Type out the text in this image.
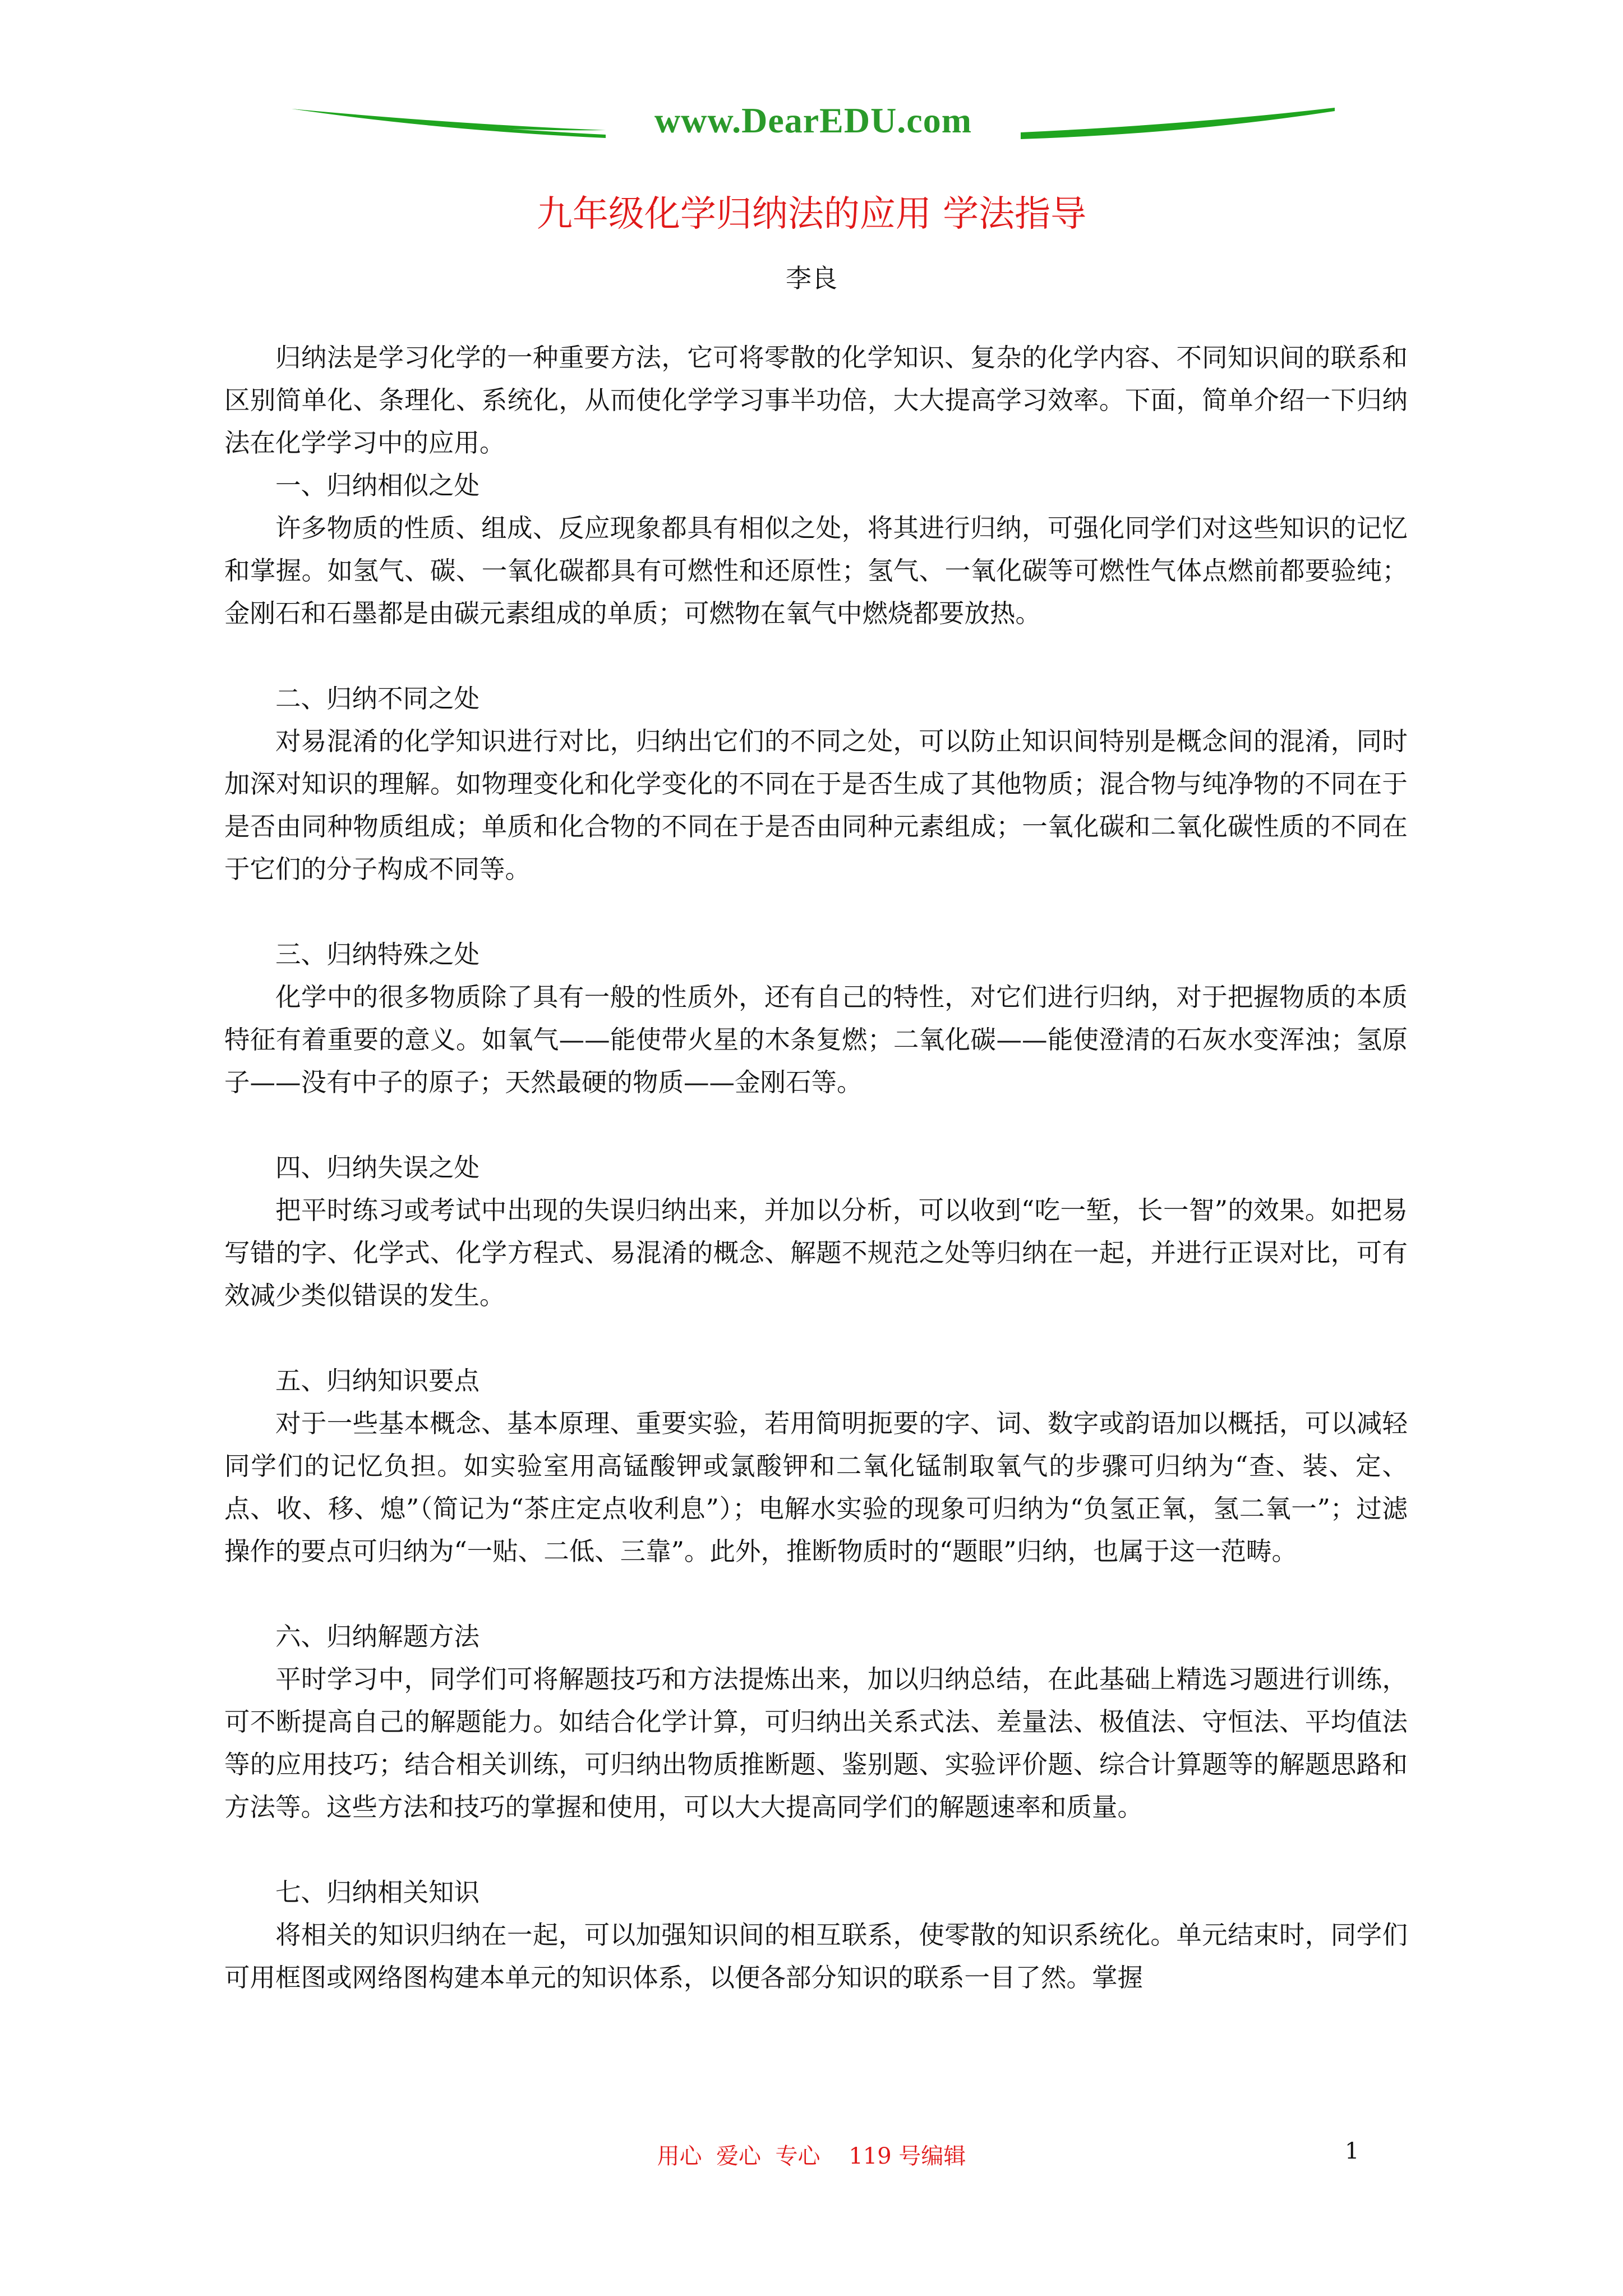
www.DearEDU.com
九年级化学归纳法的应用 学法指导
李良

归纳法是学习化学的一种重要方法，它可将零散的化学知识、复杂的化学内容、不同知识间的联系和区别简单化、条理化、系统化，从而使化学学习事半功倍，大大提高学习效率。下面，简单介绍一下归纳法在化学学习中的应用。

一、归纳相似之处

许多物质的性质、组成、反应现象都具有相似之处，将其进行归纳，可强化同学们对这些知识的记忆和掌握。如氢气、碳、一氧化碳都具有可燃性和还原性；氢气、一氧化碳等可燃性气体点燃前都要验纯；金刚石和石墨都是由碳元素组成的单质；可燃物在氧气中燃烧都要放热。

二、归纳不同之处

对易混淆的化学知识进行对比，归纳出它们的不同之处，可以防止知识间特别是概念间的混淆，同时加深对知识的理解。如物理变化和化学变化的不同在于是否生成了其他物质；混合物与纯净物的不同在于是否由同种物质组成；单质和化合物的不同在于是否由同种元素组成；一氧化碳和二氧化碳性质的不同在于它们的分子构成不同等。

三、归纳特殊之处

化学中的很多物质除了具有一般的性质外，还有自己的特性，对它们进行归纳，对于把握物质的本质特征有着重要的意义。如氧气——能使带火星的木条复燃；二氧化碳——能使澄清的石灰水变浑浊；氢原子——没有中子的原子；天然最硬的物质——金刚石等。

四、归纳失误之处

把平时练习或考试中出现的失误归纳出来，并加以分析，可以收到“吃一堑，长一智”的效果。如把易写错的字、化学式、化学方程式、易混淆的概念、解题不规范之处等归纳在一起，并进行正误对比，可有效减少类似错误的发生。

五、归纳知识要点

对于一些基本概念、基本原理、重要实验，若用简明扼要的字、词、数字或韵语加以概括，可以减轻同学们的记忆负担。如实验室用高锰酸钾或氯酸钾和二氧化锰制取氧气的步骤可归纳为“查、装、定、点、收、移、熄”（简记为“茶庄定点收利息”）；电解水实验的现象可归纳为“负氢正氧，氢二氧一”；过滤操作的要点可归纳为“一贴、二低、三靠”。此外，推断物质时的“题眼”归纳，也属于这一范畴。

六、归纳解题方法

平时学习中，同学们可将解题技巧和方法提炼出来，加以归纳总结，在此基础上精选习题进行训练，可不断提高自己的解题能力。如结合化学计算，可归纳出关系式法、差量法、极值法、守恒法、平均值法等的应用技巧；结合相关训练，可归纳出物质推断题、鉴别题、实验评价题、综合计算题等的解题思路和方法等。这些方法和技巧的掌握和使用，可以大大提高同学们的解题速率和质量。

七、归纳相关知识

将相关的知识归纳在一起，可以加强知识间的相互联系，使零散的知识系统化。单元结束时，同学们可用框图或网络图构建本单元的知识体系，以便各部分知识的联系一目了然。掌握

用心  爱心  专心    119 号编辑	1
